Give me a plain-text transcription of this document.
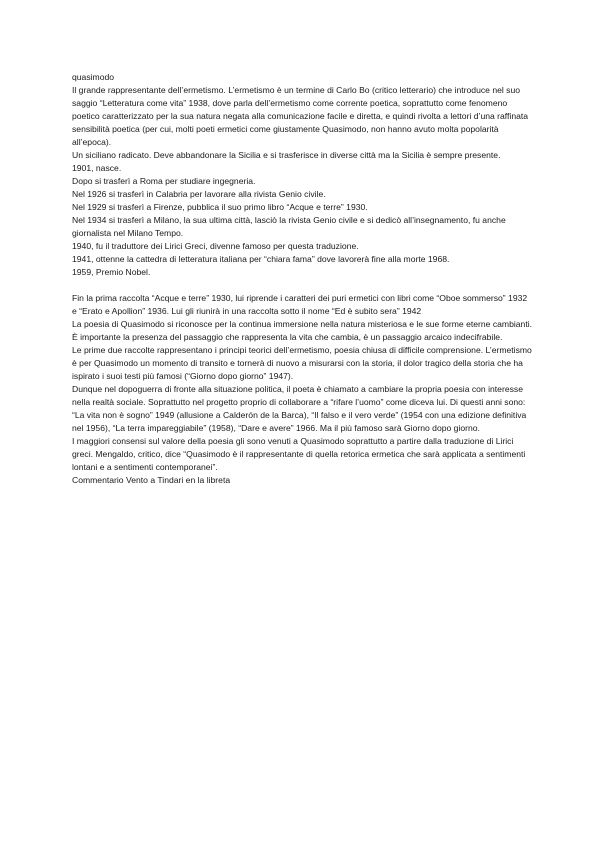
quasimodo

Il grande rappresentante dell’ermetismo. L’ermetismo è un termine di Carlo Bo (critico letterario) che introduce nel suo saggio “Letteratura come vita” 1938, dove parla dell’ermetismo come corrente poetica, soprattutto come fenomeno poetico caratterizzato per la sua natura negata alla comunicazione facile e diretta, e quindi rivolta a lettori d’una raffinata sensibilità poetica (per cui, molti poeti ermetici come giustamente Quasimodo, non hanno avuto molta popolarità all’epoca).

Un siciliano radicato. Deve abbandonare la Sicilia e si trasferisce in diverse città ma la Sicilia è sempre presente.

1901, nasce.

Dopo si trasferì a Roma per studiare ingegneria.

Nel 1926 si trasferì in Calabria per lavorare alla rivista Genio civile.

Nel 1929 si trasferì a Firenze, pubblica il suo primo libro “Acque e terre” 1930.

Nel 1934 si trasferì a Milano, la sua ultima città, lasciò la rivista Genio civile e si dedicò all’insegnamento, fu anche giornalista nel Milano Tempo.

1940, fu il traduttore dei Lirici Greci, divenne famoso per questa traduzione.

1941, ottenne la cattedra di letteratura italiana per “chiara fama” dove lavorerà fine alla morte 1968.

1959, Premio Nobel.

Fin la prima raccolta “Acque e terre” 1930, lui riprende i caratteri dei puri ermetici con libri come “Oboe sommerso” 1932 e “Erato e Apollion” 1936. Lui gli riunirà in una raccolta sotto il nome “Ed è subito sera” 1942

La poesia di Quasimodo si riconosce per la continua immersione nella natura misteriosa e le sue forme eterne cambianti. È importante la presenza del passaggio che rappresenta la vita che cambia, è un passaggio arcaico indecifrabile.

Le prime due raccolte rappresentano i principi teorici dell’ermetismo, poesia chiusa di difficile comprensione. L’ermetismo è per Quasimodo un momento di transito e tornerà di nuovo a misurarsi con la storia, il dolor tragico della storia che ha ispirato i suoi testi più famosi (“Giorno dopo giorno” 1947).

Dunque nel dopoguerra di fronte alla situazione politica, il poeta è chiamato a cambiare la propria poesia con interesse nella realtà sociale. Soprattutto nel progetto proprio di collaborare a “rifare l’uomo” come diceva lui. Di questi anni sono: “La vita non è sogno” 1949 (allusione a Calderón de la Barca), “Il falso e il vero verde” (1954 con una edizione definitiva nel 1956), “La terra impareggiabile” (1958), “Dare e avere” 1966. Ma il più famoso sarà Giorno dopo giorno.

I maggiori consensi sul valore della poesia gli sono venuti a Quasimodo soprattutto a partire dalla traduzione di Lirici greci. Mengaldo, critico, dice “Quasimodo è il rappresentante di quella retorica ermetica che sarà applicata a sentimenti lontani e a sentimenti contemporanei”.

Commentario Vento a Tindari en la libreta
